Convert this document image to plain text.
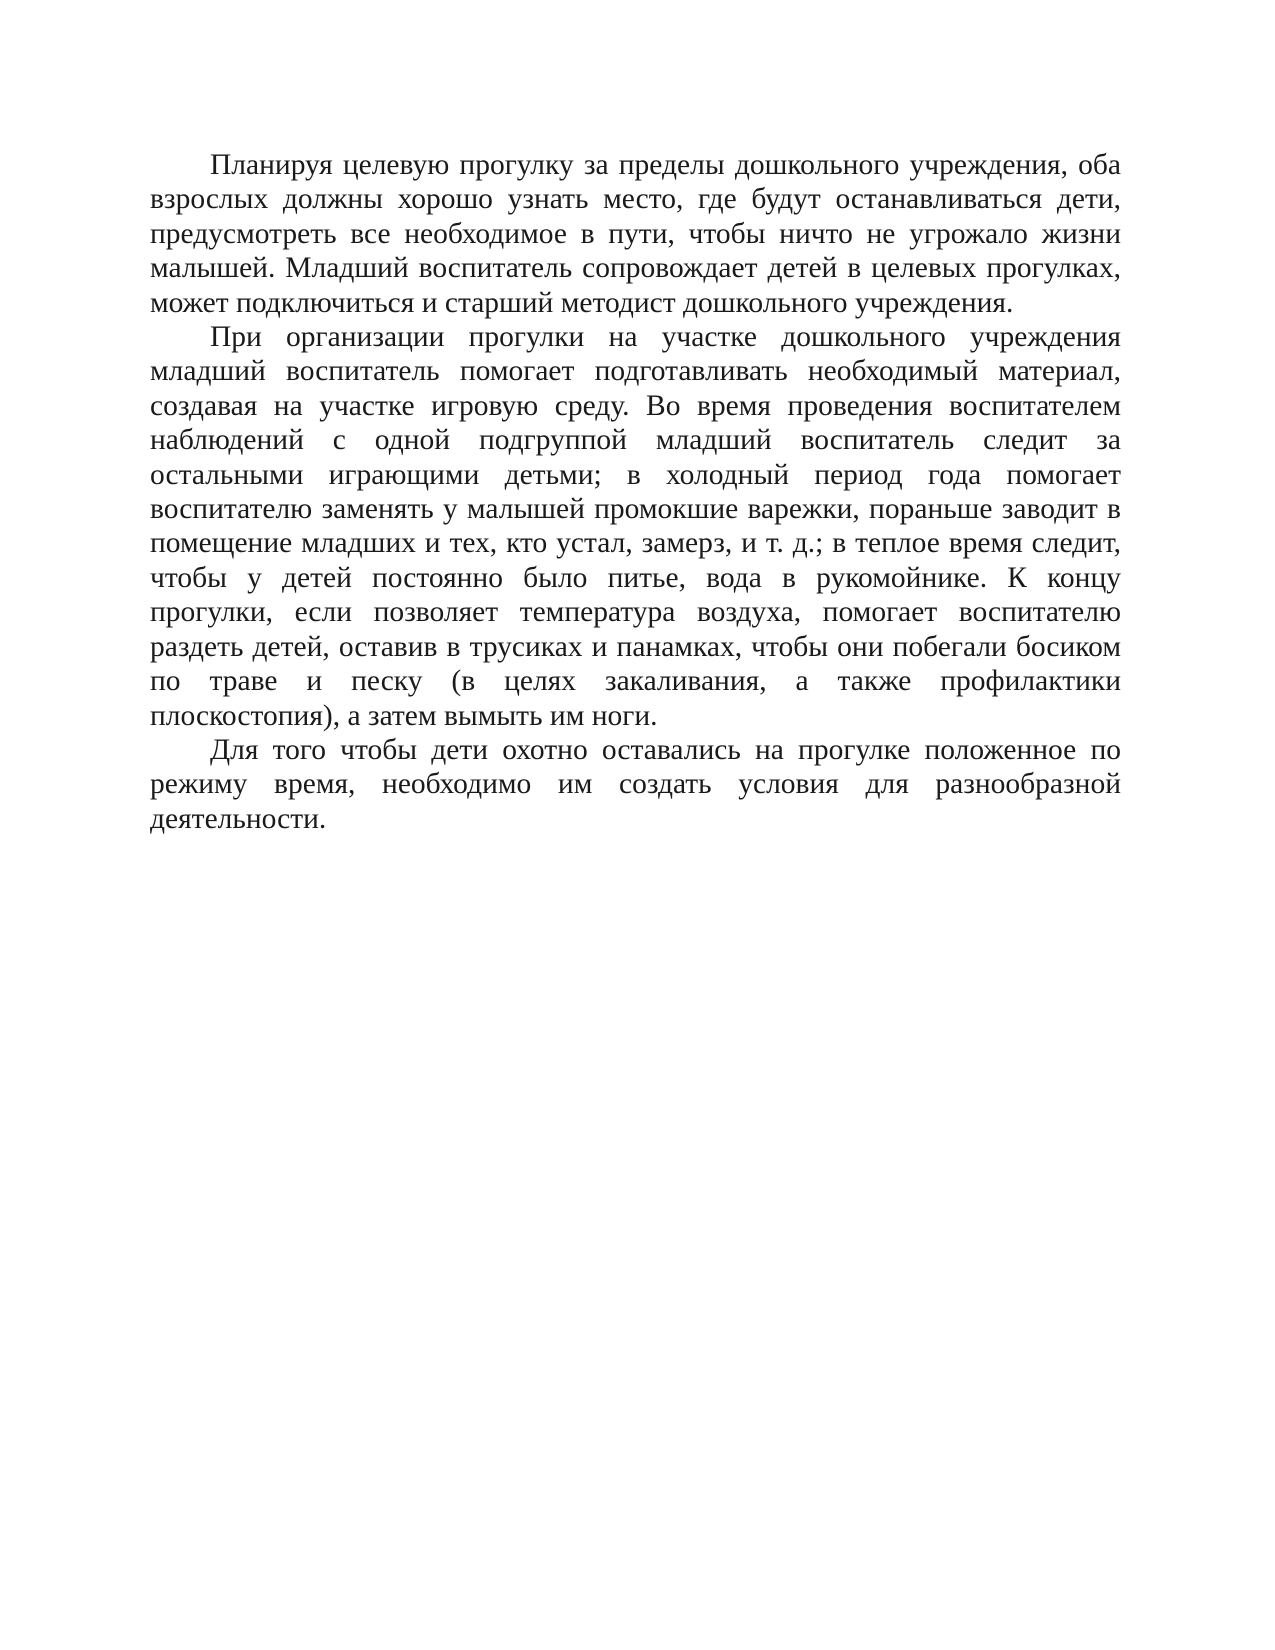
Планируя целевую прогулку за пределы дошкольного учреждения, оба взрослых должны хорошо узнать место, где будут останавливаться дети, предусмотреть все необходимое в пути, чтобы ничто не угрожало жизни малышей. Младший воспитатель сопровождает детей в целевых прогулках, может подключиться и старший методист дошкольного учреждения.

При организации прогулки на участке дошкольного учреждения младший воспитатель помогает подготавливать необходимый материал, создавая на участке игровую среду. Во время проведения воспитателем наблюдений с одной подгруппой младший воспитатель следит за остальными играющими детьми; в холодный период года помогает воспитателю заменять у малышей промокшие варежки, пораньше заводит в помещение младших и тех, кто устал, замерз, и т. д.; в теплое время следит, чтобы у детей постоянно было питье, вода в рукомойнике. К концу прогулки, если позволяет температура воздуха, помогает воспитателю раздеть детей, оставив в трусиках и панамках, чтобы они побегали босиком по траве и песку (в целях закаливания, а также профилактики плоскостопия), а затем вымыть им ноги.

Для того чтобы дети охотно оставались на прогулке положенное по режиму время, необходимо им создать условия для разнообразной деятельности.
